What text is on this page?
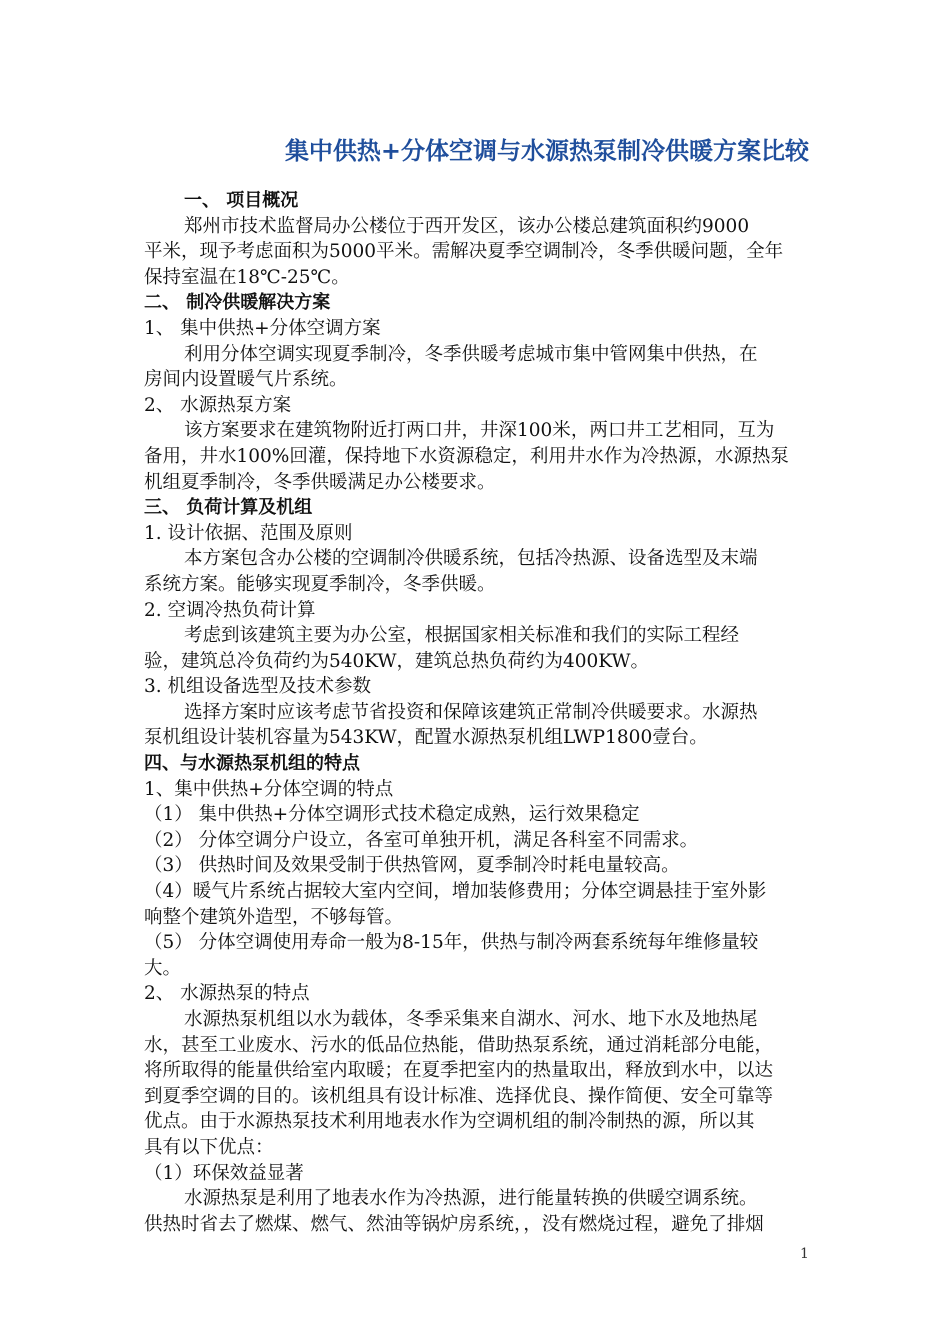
集中供热+分体空调与水源热泵制冷供暖方案比较
一、 项目概况
郑州市技术监督局办公楼位于西开发区，该办公楼总建筑面积约9000
平米，现予考虑面积为5000平米。需解决夏季空调制冷，冬季供暖问题，全年
保持室温在18℃-25℃。
二、 制冷供暖解决方案
1、 集中供热+分体空调方案
利用分体空调实现夏季制冷，冬季供暖考虑城市集中管网集中供热，在
房间内设置暖气片系统。
2、 水源热泵方案
该方案要求在建筑物附近打两口井，井深100米，两口井工艺相同，互为
备用，井水100%回灌，保持地下水资源稳定，利用井水作为冷热源，水源热泵
机组夏季制冷，冬季供暖满足办公楼要求。
三、 负荷计算及机组
1. 设计依据、范围及原则
本方案包含办公楼的空调制冷供暖系统，包括冷热源、设备选型及末端
系统方案。能够实现夏季制冷，冬季供暖。
2. 空调冷热负荷计算
考虑到该建筑主要为办公室，根据国家相关标准和我们的实际工程经
验，建筑总冷负荷约为540KW，建筑总热负荷约为400KW。
3. 机组设备选型及技术参数
选择方案时应该考虑节省投资和保障该建筑正常制冷供暖要求。水源热
泵机组设计装机容量为543KW，配置水源热泵机组LWP1800壹台。
四、与水源热泵机组的特点
1、集中供热+分体空调的特点
（1） 集中供热+分体空调形式技术稳定成熟，运行效果稳定
（2） 分体空调分户设立，各室可单独开机，满足各科室不同需求。
（3） 供热时间及效果受制于供热管网，夏季制冷时耗电量较高。
（4）暖气片系统占据较大室内空间，增加装修费用；分体空调悬挂于室外影
响整个建筑外造型，不够每管。
（5） 分体空调使用寿命一般为8-15年，供热与制冷两套系统每年维修量较
大。
2、 水源热泵的特点
水源热泵机组以水为载体，冬季采集来自湖水、河水、地下水及地热尾
水，甚至工业废水、污水的低品位热能，借助热泵系统，通过消耗部分电能，
将所取得的能量供给室内取暖；在夏季把室内的热量取出，释放到水中，以达
到夏季空调的目的。该机组具有设计标准、选择优良、操作简便、安全可靠等
优点。由于水源热泵技术利用地表水作为空调机组的制冷制热的源，所以其
具有以下优点：
（1）环保效益显著
水源热泵是利用了地表水作为冷热源，进行能量转换的供暖空调系统。
供热时省去了燃煤、燃气、然油等锅炉房系统，，没有燃烧过程，避免了排烟
1
